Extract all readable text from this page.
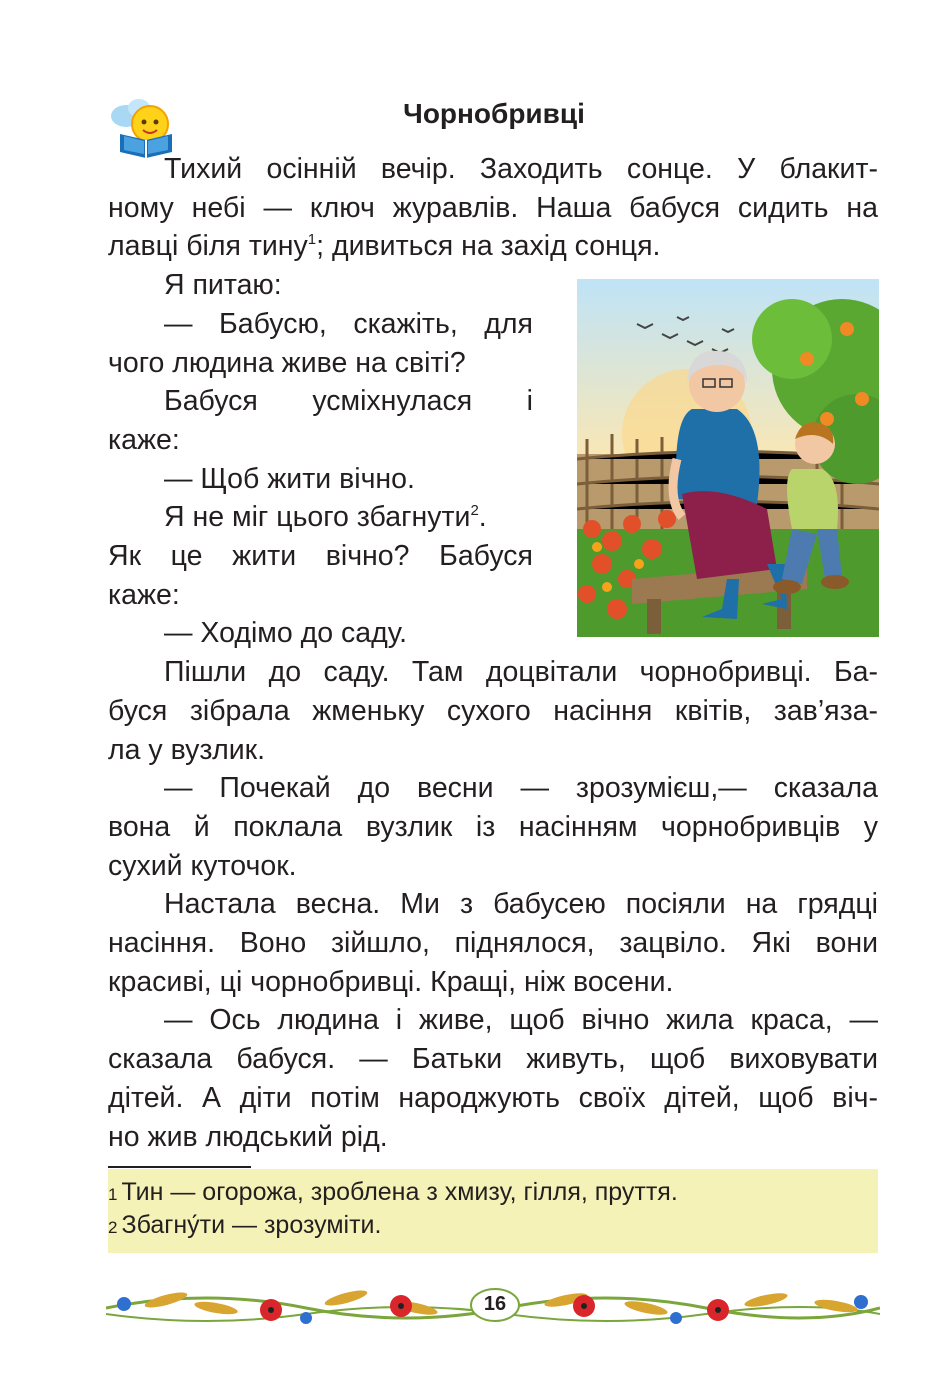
Чорнобривці
Тихий осінній вечір. Заходить сонце. У блакит-
ному небі — ключ журавлів. Наша бабуся сидить на
лавці біля тину$^1$; дивиться на захід сонця.
Я питаю:
— Бабусю, скажіть, для
чого людина живе на світі?
Бабуся усміхнулася і
каже:
— Щоб жити вічно.
Я не міг цього збагнути$^2$.
Як це жити вічно? Бабуся
каже:
— Ходімо до саду.
Пішли до саду. Там доцвітали чорнобривці. Ба-
буся зібрала жменьку сухого насіння квітів, зав’яза-
ла у вузлик.
— Почекай до весни — зрозумієш,— сказала
вона й поклала вузлик із насінням чорнобривців у
сухий куточок.
Настала весна. Ми з бабусею посіяли на грядці
насіння. Воно зійшло, піднялося, зацвіло. Які вони
красиві, ці чорнобривці. Кращі, ніж восени.
— Ось людина і живе, щоб вічно жила краса, —
сказала бабуся. — Батьки живуть, щоб виховувати
дітей. А діти потім народжують своїх дітей, щоб віч-
но жив людський рід.
1 Тин — огорожа, зроблена з хмизу, гілля, пруття.
2 Збагну́ти — зрозуміти.
16
